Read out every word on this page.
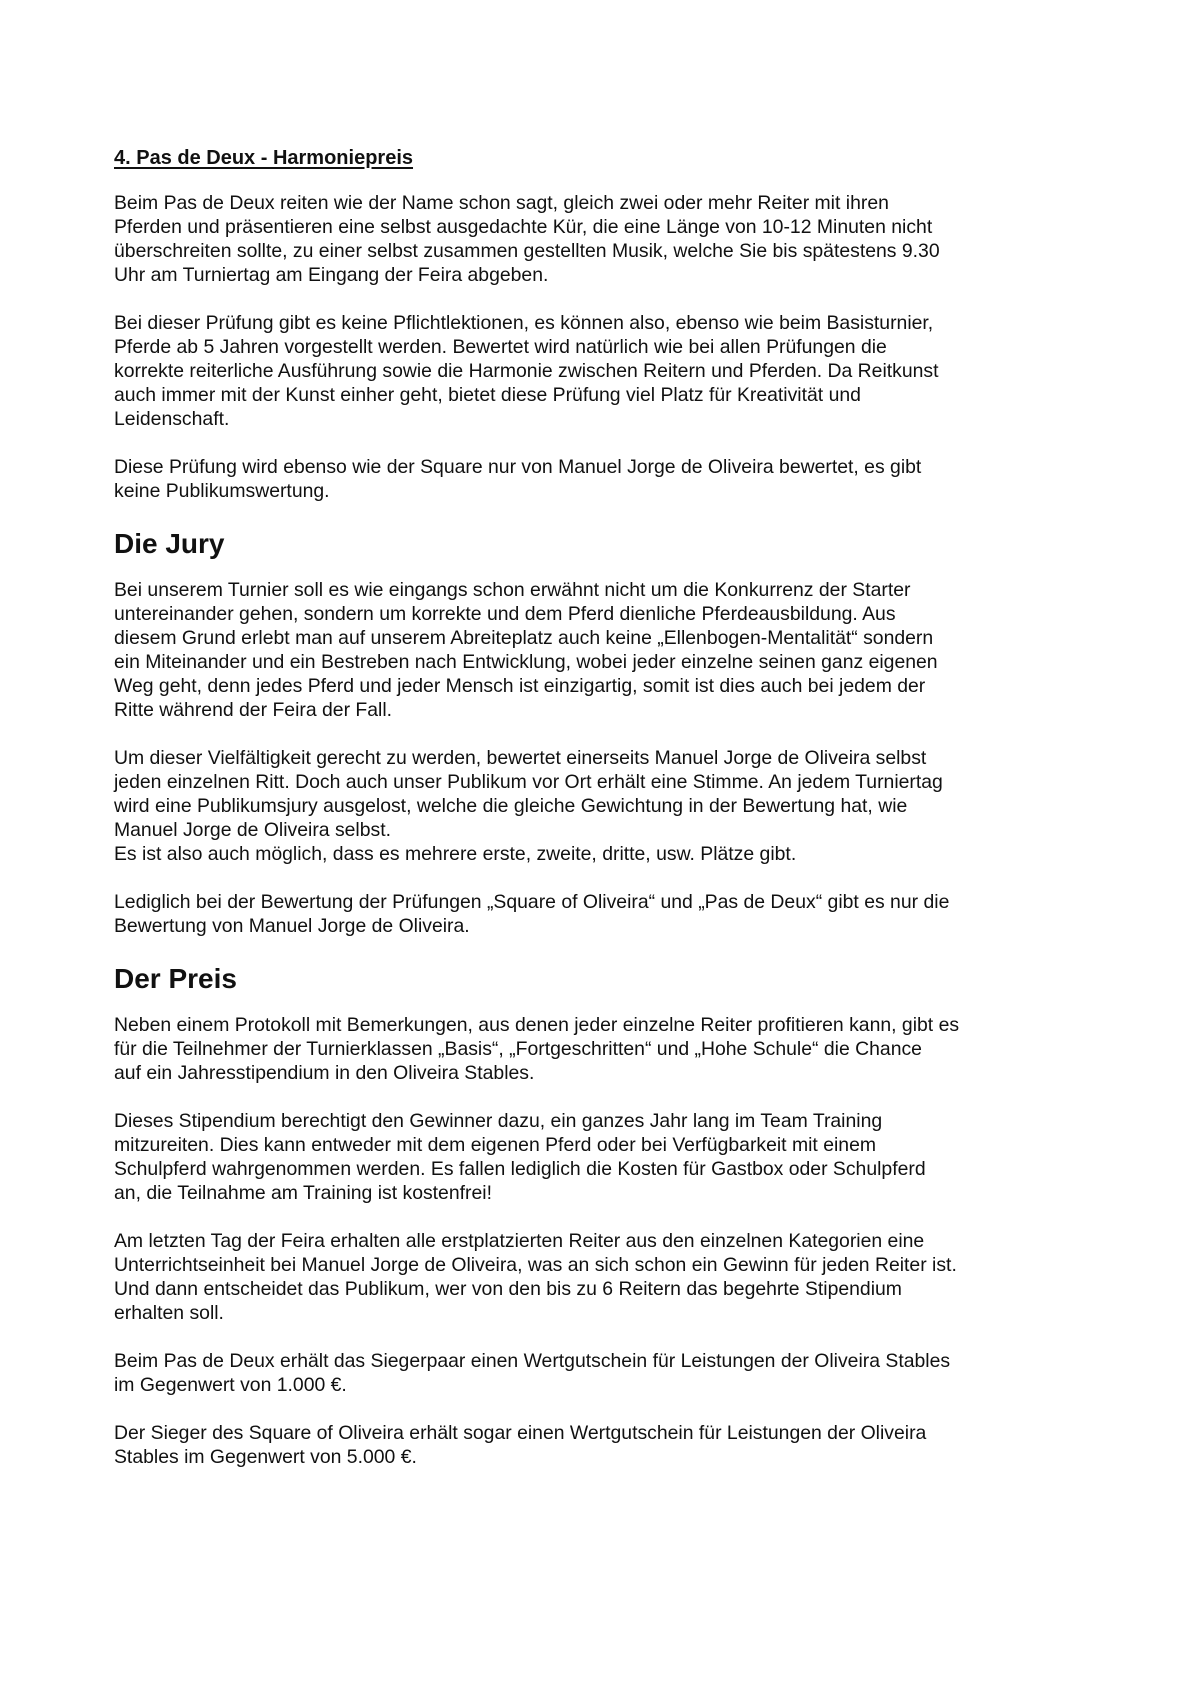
4. Pas de Deux - Harmoniepreis

Beim Pas de Deux reiten wie der Name schon sagt, gleich zwei oder mehr Reiter mit ihren
Pferden und präsentieren eine selbst ausgedachte Kür, die eine Länge von 10-12 Minuten nicht
überschreiten sollte, zu einer selbst zusammen gestellten Musik, welche Sie bis spätestens 9.30
Uhr am Turniertag am Eingang der Feira abgeben.

Bei dieser Prüfung gibt es keine Pflichtlektionen, es können also, ebenso wie beim Basisturnier,
Pferde ab 5 Jahren vorgestellt werden. Bewertet wird natürlich wie bei allen Prüfungen die
korrekte reiterliche Ausführung sowie die Harmonie zwischen Reitern und Pferden. Da Reitkunst
auch immer mit der Kunst einher geht, bietet diese Prüfung viel Platz für Kreativität und
Leidenschaft.

Diese Prüfung wird ebenso wie der Square nur von Manuel Jorge de Oliveira bewertet, es gibt
keine Publikumswertung.

Die Jury

Bei unserem Turnier soll es wie eingangs schon erwähnt nicht um die Konkurrenz der Starter
untereinander gehen, sondern um korrekte und dem Pferd dienliche Pferdeausbildung. Aus
diesem Grund erlebt man auf unserem Abreiteplatz auch keine „Ellenbogen-Mentalität“ sondern
ein Miteinander und ein Bestreben nach Entwicklung, wobei jeder einzelne seinen ganz eigenen
Weg geht, denn jedes Pferd und jeder Mensch ist einzigartig, somit ist dies auch bei jedem der
Ritte während der Feira der Fall.

Um dieser Vielfältigkeit gerecht zu werden, bewertet einerseits Manuel Jorge de Oliveira selbst
jeden einzelnen Ritt. Doch auch unser Publikum vor Ort erhält eine Stimme. An jedem Turniertag
wird eine Publikumsjury ausgelost, welche die gleiche Gewichtung in der Bewertung hat, wie
Manuel Jorge de Oliveira selbst.
Es ist also auch möglich, dass es mehrere erste, zweite, dritte, usw. Plätze gibt.

Lediglich bei der Bewertung der Prüfungen „Square of Oliveira“ und „Pas de Deux“ gibt es nur die
Bewertung von Manuel Jorge de Oliveira.

Der Preis

Neben einem Protokoll mit Bemerkungen, aus denen jeder einzelne Reiter profitieren kann, gibt es
für die Teilnehmer der Turnierklassen „Basis“, „Fortgeschritten“ und „Hohe Schule“ die Chance
auf ein Jahresstipendium in den Oliveira Stables.

Dieses Stipendium berechtigt den Gewinner dazu, ein ganzes Jahr lang im Team Training
mitzureiten. Dies kann entweder mit dem eigenen Pferd oder bei Verfügbarkeit mit einem
Schulpferd wahrgenommen werden. Es fallen lediglich die Kosten für Gastbox oder Schulpferd
an, die Teilnahme am Training ist kostenfrei!

Am letzten Tag der Feira erhalten alle erstplatzierten Reiter aus den einzelnen Kategorien eine
Unterrichtseinheit bei Manuel Jorge de Oliveira, was an sich schon ein Gewinn für jeden Reiter ist.
Und dann entscheidet das Publikum, wer von den bis zu 6 Reitern das begehrte Stipendium
erhalten soll.

Beim Pas de Deux erhält das Siegerpaar einen Wertgutschein für Leistungen der Oliveira Stables
im Gegenwert von 1.000 €.

Der Sieger des Square of Oliveira erhält sogar einen Wertgutschein für Leistungen der Oliveira
Stables im Gegenwert von 5.000 €.
